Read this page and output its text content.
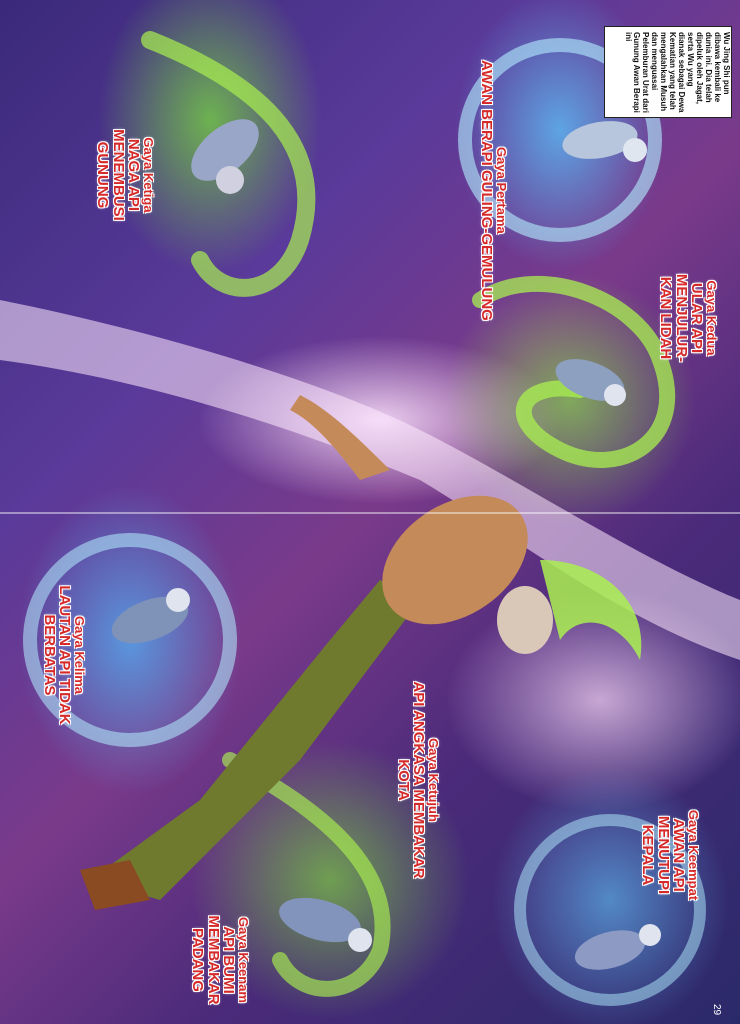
Gaya Pertama
AWAN BERAPI GULING-GEMULUNG	Gaya Kedua
ULAR API MENJULUR-KAN LIDAH
Gaya Ketiga
NAGA API MENEMBUSI GUNUNG
Gaya Keempat
AWAN API MENUTUPI KEPALA
Gaya Kelima
LAUTAN API TIDAK BERBATAS
Gaya Keenam
API BUMI MEMBAKAR PADANG
Gaya Ketujuh
API ANGKASA MEMBAKAR KOTA
Wu Jing Shi pun dibawa kembali ke dunia ini. Dia telah dipeluk oleh Jagat, serta Wu yang dianak sebagai Dewa Kematian yang telah mengalahkan Musuh dan menguasai Pelemburan Urat dari Gunung Awan Berapi ini
29
